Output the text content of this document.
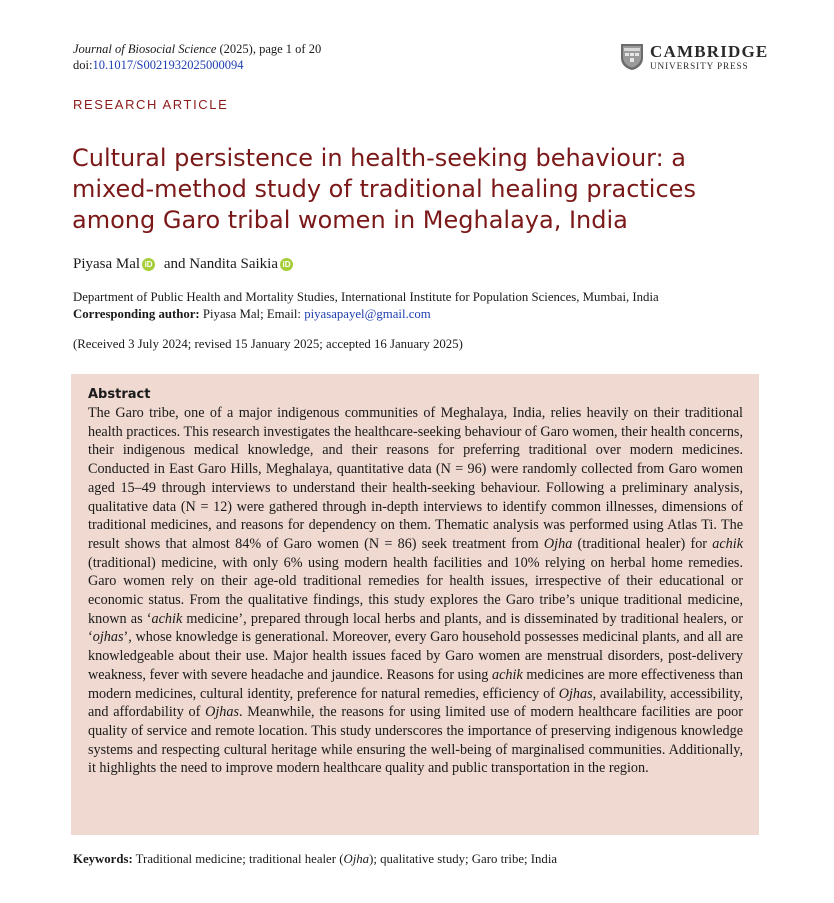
Journal of Biosocial Science (2025), page 1 of 20
doi:10.1017/S0021932025000094
CAMBRIDGE
UNIVERSITY PRESS
RESEARCH ARTICLE
Cultural persistence in health-seeking behaviour: a mixed-method study of traditional healing practices among Garo tribal women in Meghalaya, India
Piyasa Mal iD and Nandita Saikia iD
Department of Public Health and Mortality Studies, International Institute for Population Sciences, Mumbai, India
Corresponding author: Piyasa Mal; Email: piyasapayel@gmail.com
(Received 3 July 2024; revised 15 January 2025; accepted 16 January 2025)
Abstract

The Garo tribe, one of a major indigenous communities of Meghalaya, India, relies heavily on their traditional health practices. This research investigates the healthcare-seeking behaviour of Garo women, their health concerns, their indigenous medical knowledge, and their reasons for preferring traditional over modern medicines. Conducted in East Garo Hills, Meghalaya, quantitative data (N = 96) were randomly collected from Garo women aged 15–49 through interviews to understand their health-seeking behaviour. Following a preliminary analysis, qualitative data (N = 12) were gathered through in-depth interviews to identify common illnesses, dimensions of traditional medicines, and reasons for dependency on them. Thematic analysis was performed using Atlas Ti. The result shows that almost 84% of Garo women (N = 86) seek treatment from Ojha (traditional healer) for achik (traditional) medicine, with only 6% using modern health facilities and 10% relying on herbal home remedies. Garo women rely on their age-old traditional remedies for health issues, irrespective of their educational or economic status. From the qualitative findings, this study explores the Garo tribe’s unique traditional medicine, known as ‘achik medicine’, prepared through local herbs and plants, and is disseminated by traditional healers, or ‘ojhas’, whose knowledge is generational. Moreover, every Garo household possesses medicinal plants, and all are knowledgeable about their use. Major health issues faced by Garo women are menstrual disorders, post-delivery weakness, fever with severe headache and jaundice. Reasons for using achik medicines are more effectiveness than modern medicines, cultural identity, preference for natural remedies, efficiency of Ojhas, availability, accessibility, and affordability of Ojhas. Meanwhile, the reasons for using limited use of modern healthcare facilities are poor quality of service and remote location. This study underscores the importance of preserving indigenous knowledge systems and respecting cultural heritage while ensuring the well-being of marginalised communities. Additionally, it highlights the need to improve modern healthcare quality and public transportation in the region.

Keywords: Traditional medicine; traditional healer (Ojha); qualitative study; Garo tribe; India
